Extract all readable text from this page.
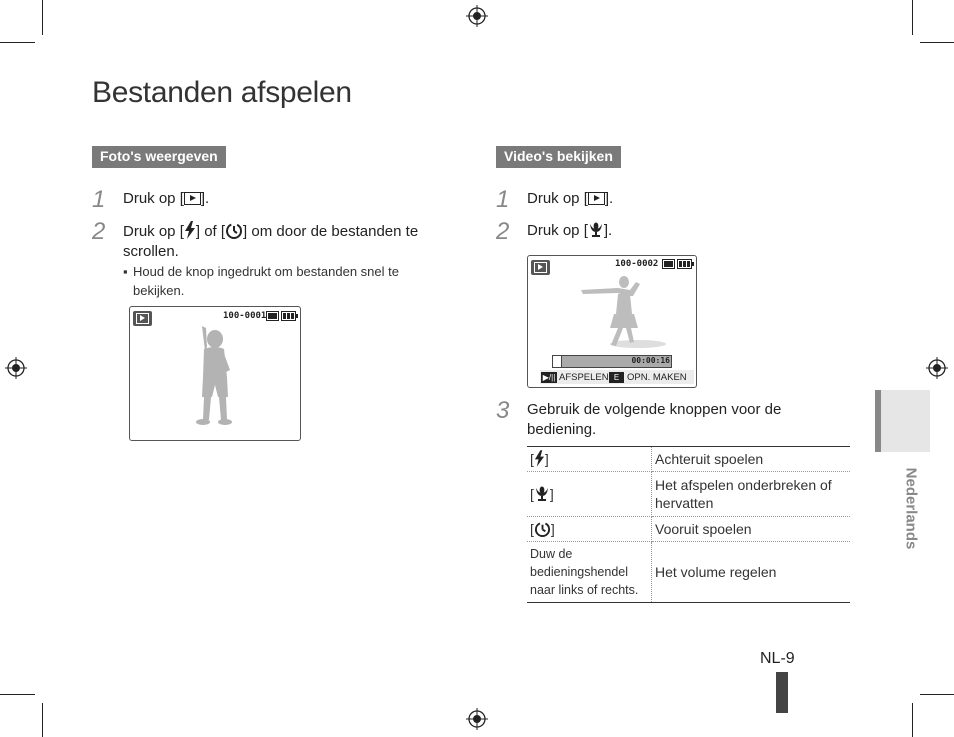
Bestanden afspelen
Foto's weergeven
1 Druk op [ ].
2 Druk op [ ] of [ ] om door de bestanden te
scrollen.
▪ Houd de knop ingedrukt om bestanden snel te
bekijken.
100-0001
Video's bekijken
1 Druk op [ ].
2 Druk op [ ].
100-0002
00:00:16
▶/|| AFSPELEN E OPN. MAKEN
3 Gebruik de volgende knoppen voor de
bediening.
[ ]	Achteruit spoelen
[ ]	Het afspelen onderbreken of hervatten
[ ]	Vooruit spoelen
Duw de bedieningshendel naar links of rechts.	Het volume regelen
Nederlands
NL-9
